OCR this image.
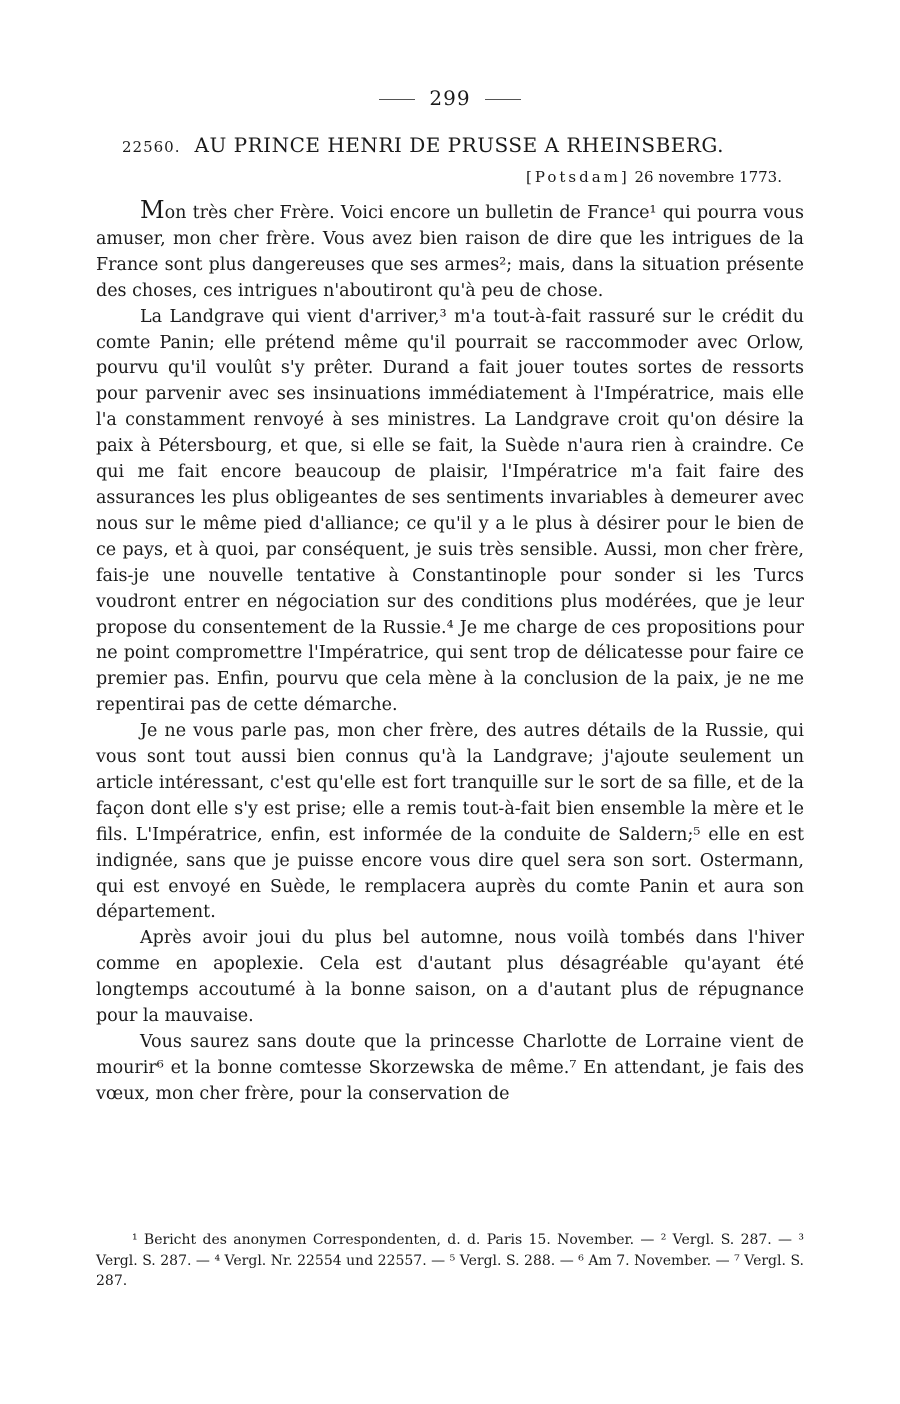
299
22560. AU PRINCE HENRI DE PRUSSE A RHEINSBERG.
[Potsdam] 26 novembre 1773.

Mon très cher Frère. Voici encore un bulletin de France¹ qui pourra vous amuser, mon cher frère. Vous avez bien raison de dire que les intrigues de la France sont plus dangereuses que ses armes²; mais, dans la situation présente des choses, ces intrigues n'aboutiront qu'à peu de chose.

La Landgrave qui vient d'arriver,³ m'a tout-à-fait rassuré sur le crédit du comte Panin; elle prétend même qu'il pourrait se raccommoder avec Orlow, pourvu qu'il voulût s'y prêter. Durand a fait jouer toutes sortes de ressorts pour parvenir avec ses insinuations immédiatement à l'Impératrice, mais elle l'a constamment renvoyé à ses ministres. La Landgrave croit qu'on désire la paix à Pétersbourg, et que, si elle se fait, la Suède n'aura rien à craindre. Ce qui me fait encore beaucoup de plaisir, l'Impératrice m'a fait faire des assurances les plus obligeantes de ses sentiments invariables à demeurer avec nous sur le même pied d'alliance; ce qu'il y a le plus à désirer pour le bien de ce pays, et à quoi, par conséquent, je suis très sensible. Aussi, mon cher frère, fais-je une nouvelle tentative à Constantinople pour sonder si les Turcs voudront entrer en négociation sur des conditions plus modérées, que je leur propose du consentement de la Russie.⁴ Je me charge de ces propositions pour ne point compromettre l'Impératrice, qui sent trop de délicatesse pour faire ce premier pas. Enfin, pourvu que cela mène à la conclusion de la paix, je ne me repentirai pas de cette démarche.

Je ne vous parle pas, mon cher frère, des autres détails de la Russie, qui vous sont tout aussi bien connus qu'à la Landgrave; j'ajoute seulement un article intéressant, c'est qu'elle est fort tranquille sur le sort de sa fille, et de la façon dont elle s'y est prise; elle a remis tout-à-fait bien ensemble la mère et le fils. L'Impératrice, enfin, est informée de la conduite de Saldern;⁵ elle en est indignée, sans que je puisse encore vous dire quel sera son sort. Ostermann, qui est envoyé en Suède, le remplacera auprès du comte Panin et aura son département.

Après avoir joui du plus bel automne, nous voilà tombés dans l'hiver comme en apoplexie. Cela est d'autant plus désagréable qu'ayant été longtemps accoutumé à la bonne saison, on a d'autant plus de répugnance pour la mauvaise.

Vous saurez sans doute que la princesse Charlotte de Lorraine vient de mourir⁶ et la bonne comtesse Skorzewska de même.⁷ En attendant, je fais des vœux, mon cher frère, pour la conservation de

¹ Bericht des anonymen Correspondenten, d. d. Paris 15. November. — ² Vergl. S. 287. — ³ Vergl. S. 287. — ⁴ Vergl. Nr. 22554 und 22557. — ⁵ Vergl. S. 288. — ⁶ Am 7. November. — ⁷ Vergl. S. 287.
